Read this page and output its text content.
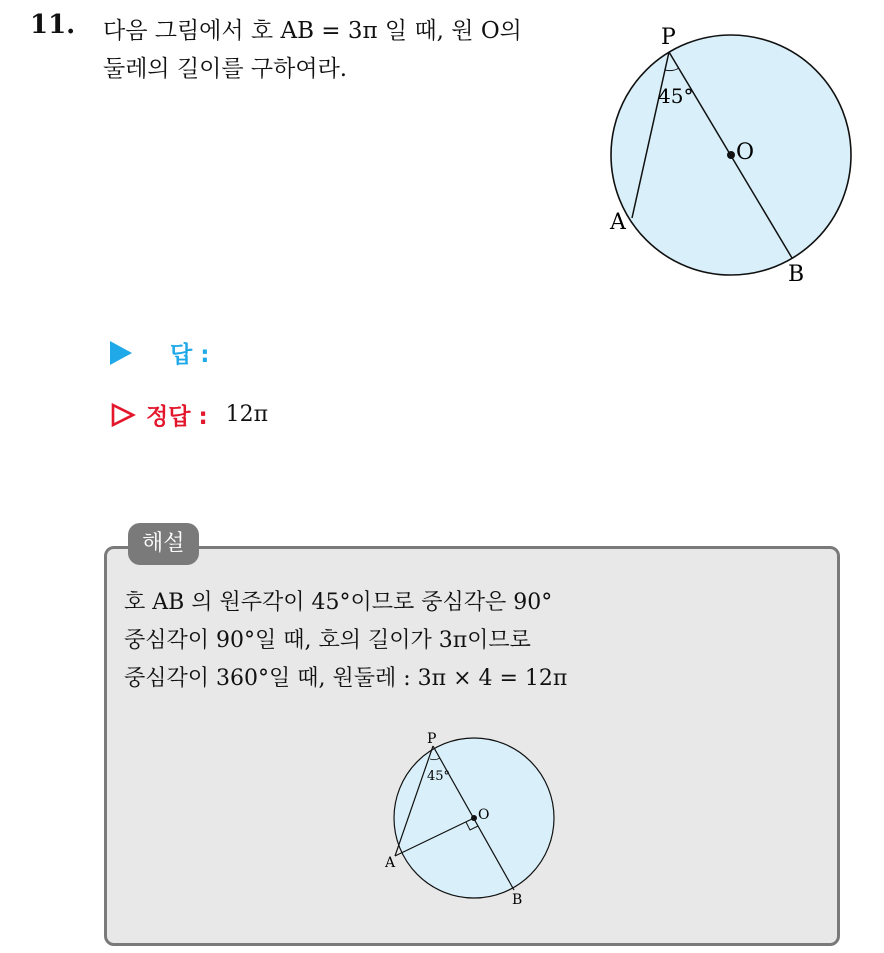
11. 다음 그림에서 호 AB = 3π 일 때, 원 O의
둘레의 길이를 구하여라.
P
45°
O
A
B
답 :
정답 : 12π
해설
호 AB 의 원주각이 45°이므로 중심각은 90°
중심각이 90°일 때, 호의 길이가 3π이므로
중심각이 360°일 때, 원둘레 : 3π × 4 = 12π
P
45°
O
A
B
